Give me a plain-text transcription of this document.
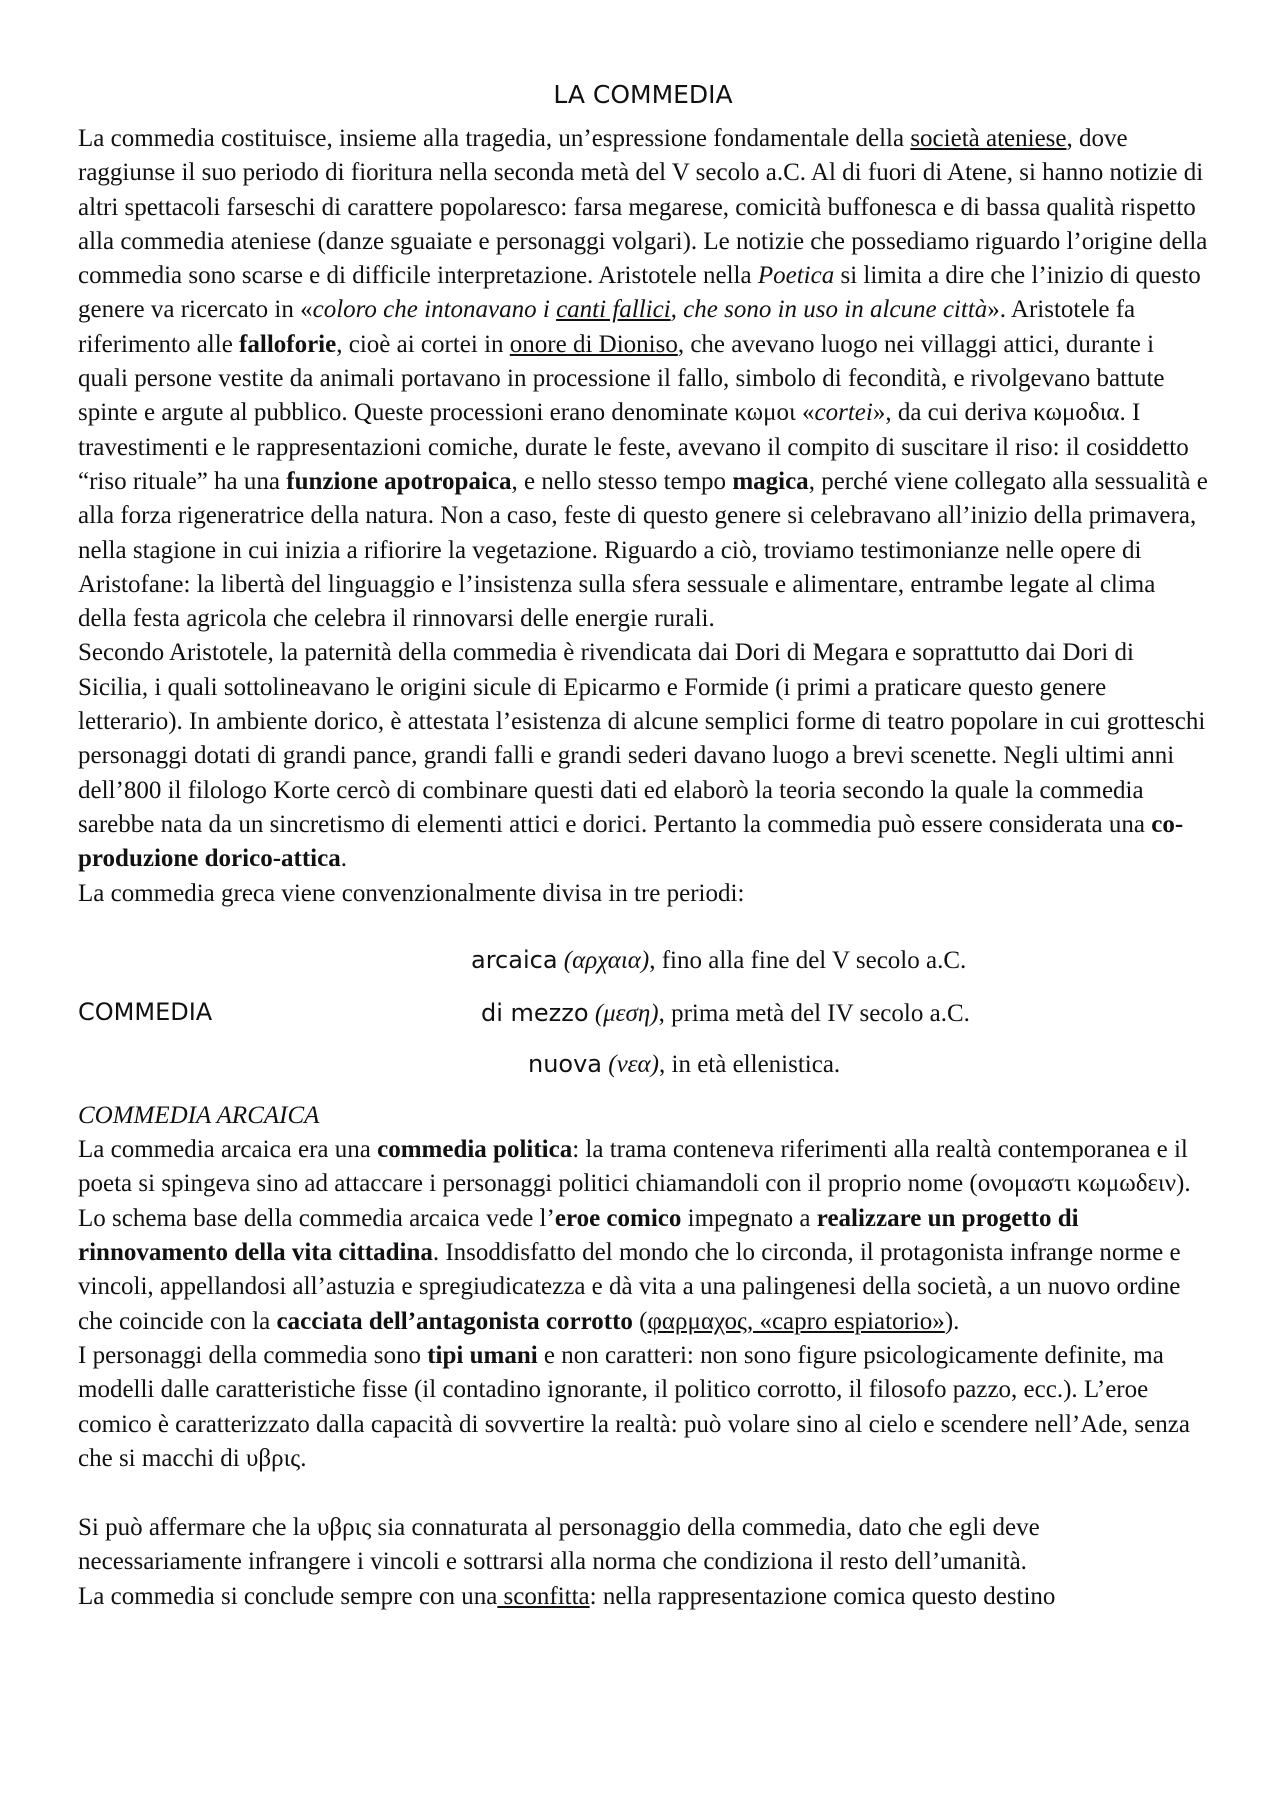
LA COMMEDIA

La commedia costituisce, insieme alla tragedia, un’espressione fondamentale della società ateniese, dove raggiunse il suo periodo di fioritura nella seconda metà del V secolo a.C. Al di fuori di Atene, si hanno notizie di altri spettacoli farseschi di carattere popolaresco: farsa megarese, comicità buffonesca e di bassa qualità rispetto alla commedia ateniese (danze sguaiate e personaggi volgari). Le notizie che possediamo riguardo l’origine della commedia sono scarse e di difficile interpretazione. Aristotele nella Poetica si limita a dire che l’inizio di questo genere va ricercato in «coloro che intonavano i canti fallici, che sono in uso in alcune città». Aristotele fa riferimento alle falloforie, cioè ai cortei in onore di Dioniso, che avevano luogo nei villaggi attici, durante i quali persone vestite da animali portavano in processione il fallo, simbolo di fecondità, e rivolgevano battute spinte e argute al pubblico. Queste processioni erano denominate κωμοι «cortei», da cui deriva κωμοδια. I travestimenti e le rappresentazioni comiche, durate le feste, avevano il compito di suscitare il riso: il cosiddetto “riso rituale” ha una funzione apotropaica, e nello stesso tempo magica, perché viene collegato alla sessualità e alla forza rigeneratrice della natura. Non a caso, feste di questo genere si celebravano all’inizio della primavera, nella stagione in cui inizia a rifiorire la vegetazione. Riguardo a ciò, troviamo testimonianze nelle opere di Aristofane: la libertà del linguaggio e l’insistenza sulla sfera sessuale e alimentare, entrambe legate al clima della festa agricola che celebra il rinnovarsi delle energie rurali.

Secondo Aristotele, la paternità della commedia è rivendicata dai Dori di Megara e soprattutto dai Dori di Sicilia, i quali sottolineavano le origini sicule di Epicarmo e Formide (i primi a praticare questo genere letterario). In ambiente dorico, è attestata l’esistenza di alcune semplici forme di teatro popolare in cui grotteschi personaggi dotati di grandi pance, grandi falli e grandi sederi davano luogo a brevi scenette. Negli ultimi anni dell’800 il filologo Korte cercò di combinare questi dati ed elaborò la teoria secondo la quale la commedia sarebbe nata da un sincretismo di elementi attici e dorici. Pertanto la commedia può essere considerata una co-produzione dorico-attica.

La commedia greca viene convenzionalmente divisa in tre periodi:

COMMEDIA
arcaica (αρχαια), fino alla fine del V secolo a.C.
di mezzo (μεση), prima metà del IV secolo a.C.
nuova (νεα), in età ellenistica.

COMMEDIA ARCAICA

La commedia arcaica era una commedia politica: la trama conteneva riferimenti alla realtà contemporanea e il poeta si spingeva sino ad attaccare i personaggi politici chiamandoli con il proprio nome (ονομαστι κωμωδειν). Lo schema base della commedia arcaica vede l’eroe comico impegnato a realizzare un progetto di rinnovamento della vita cittadina. Insoddisfatto del mondo che lo circonda, il protagonista infrange norme e vincoli, appellandosi all’astuzia e spregiudicatezza e dà vita a una palingenesi della società, a un nuovo ordine che coincide con la cacciata dell’antagonista corrotto (φαρμαχος, «capro espiatorio»).

I personaggi della commedia sono tipi umani e non caratteri: non sono figure psicologicamente definite, ma modelli dalle caratteristiche fisse (il contadino ignorante, il politico corrotto, il filosofo pazzo, ecc.). L’eroe comico è caratterizzato dalla capacità di sovvertire la realtà: può volare sino al cielo e scendere nell’Ade, senza che si macchi di υβρις.

Si può affermare che la υβρις sia connaturata al personaggio della commedia, dato che egli deve necessariamente infrangere i vincoli e sottrarsi alla norma che condiziona il resto dell’umanità.

La commedia si conclude sempre con una sconfitta: nella rappresentazione comica questo destino
